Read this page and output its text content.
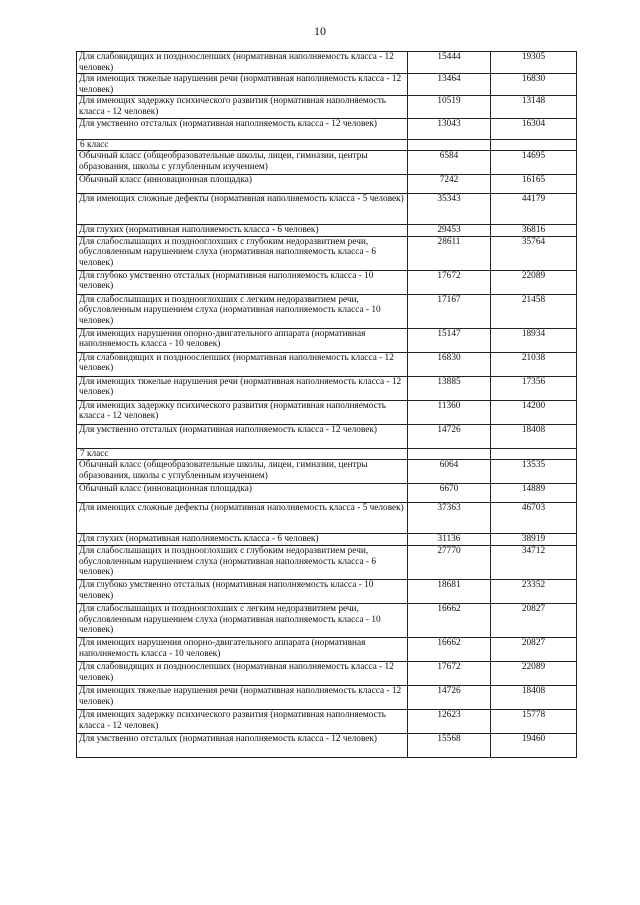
10
Для слабовидящих и поздноослепших (нормативная наполняемость класса - 12 человек)	15444	19305
Для имеющих тяжелые нарушения речи (нормативная наполняемость класса - 12 человек)	13464	16830
Для имеющих задержку психического развития (нормативная наполняемость класса - 12 человек)	10519	13148
Для умственно отсталых (нормативная наполняемость класса - 12 человек)	13043	16304
6 класс		
Обычный класс (общеобразовательные школы, лицеи, гимназии, центры образования, школы с углубленным изучением)	6584	14695
Обычный класс (инновационная площадка)	7242	16165
Для имеющих сложные дефекты (нормативная наполняемость класса - 5 человек)	35343	44179
Для глухих (нормативная наполняемость класса - 6 человек)	29453	36816
Для слабослышащих и позднооглохших с глубоким недоразвитием речи, обусловленным нарушением слуха (нормативная наполняемость класса - 6 человек)	28611	35764
Для глубоко умственно отсталых (нормативная наполняемость класса - 10 человек)	17672	22089
Для слабослышащих и позднооглохших с легким недоразвитием речи, обусловленным нарушением слуха (нормативная наполняемость класса - 10 человек)	17167	21458
Для имеющих нарушения опорно-двигательного аппарата (нормативная наполняемость класса - 10 человек)	15147	18934
Для слабовидящих и поздноослепших (нормативная наполняемость класса - 12 человек)	16830	21038
Для имеющих тяжелые нарушения речи (нормативная наполняемость класса - 12 человек)	13885	17356
Для имеющих задержку психического развития (нормативная наполняемость класса - 12 человек)	11360	14200
Для умственно отсталых (нормативная наполняемость класса - 12 человек)	14726	18408
7 класс		
Обычный класс (общеобразовательные школы, лицеи, гимназии, центры образования, школы с углубленным изучением)	6064	13535
Обычный класс (инновационная площадка)	6670	14889
Для имеющих сложные дефекты (нормативная наполняемость класса - 5 человек)	37363	46703
Для глухих (нормативная наполняемость класса - 6 человек)	31136	38919
Для слабослышащих и позднооглохших с глубоким недоразвитием речи, обусловленным нарушением слуха (нормативная наполняемость класса - 6 человек)	27770	34712
Для глубоко умственно отсталых (нормативная наполняемость класса - 10 человек)	18681	23352
Для слабослышащих и позднооглохших с легким недоразвитием речи, обусловленным нарушением слуха (нормативная наполняемость класса - 10 человек)	16662	20827
Для имеющих нарушения опорно-двигательного аппарата (нормативная наполняемость класса - 10 человек)	16662	20827
Для слабовидящих и поздноослепших (нормативная наполняемость класса - 12 человек)	17672	22089
Для имеющих тяжелые нарушения речи (нормативная наполняемость класса - 12 человек)	14726	18408
Для имеющих задержку психического развития (нормативная наполняемость класса - 12 человек)	12623	15778
Для умственно отсталых (нормативная наполняемость класса - 12 человек)	15568	19460
